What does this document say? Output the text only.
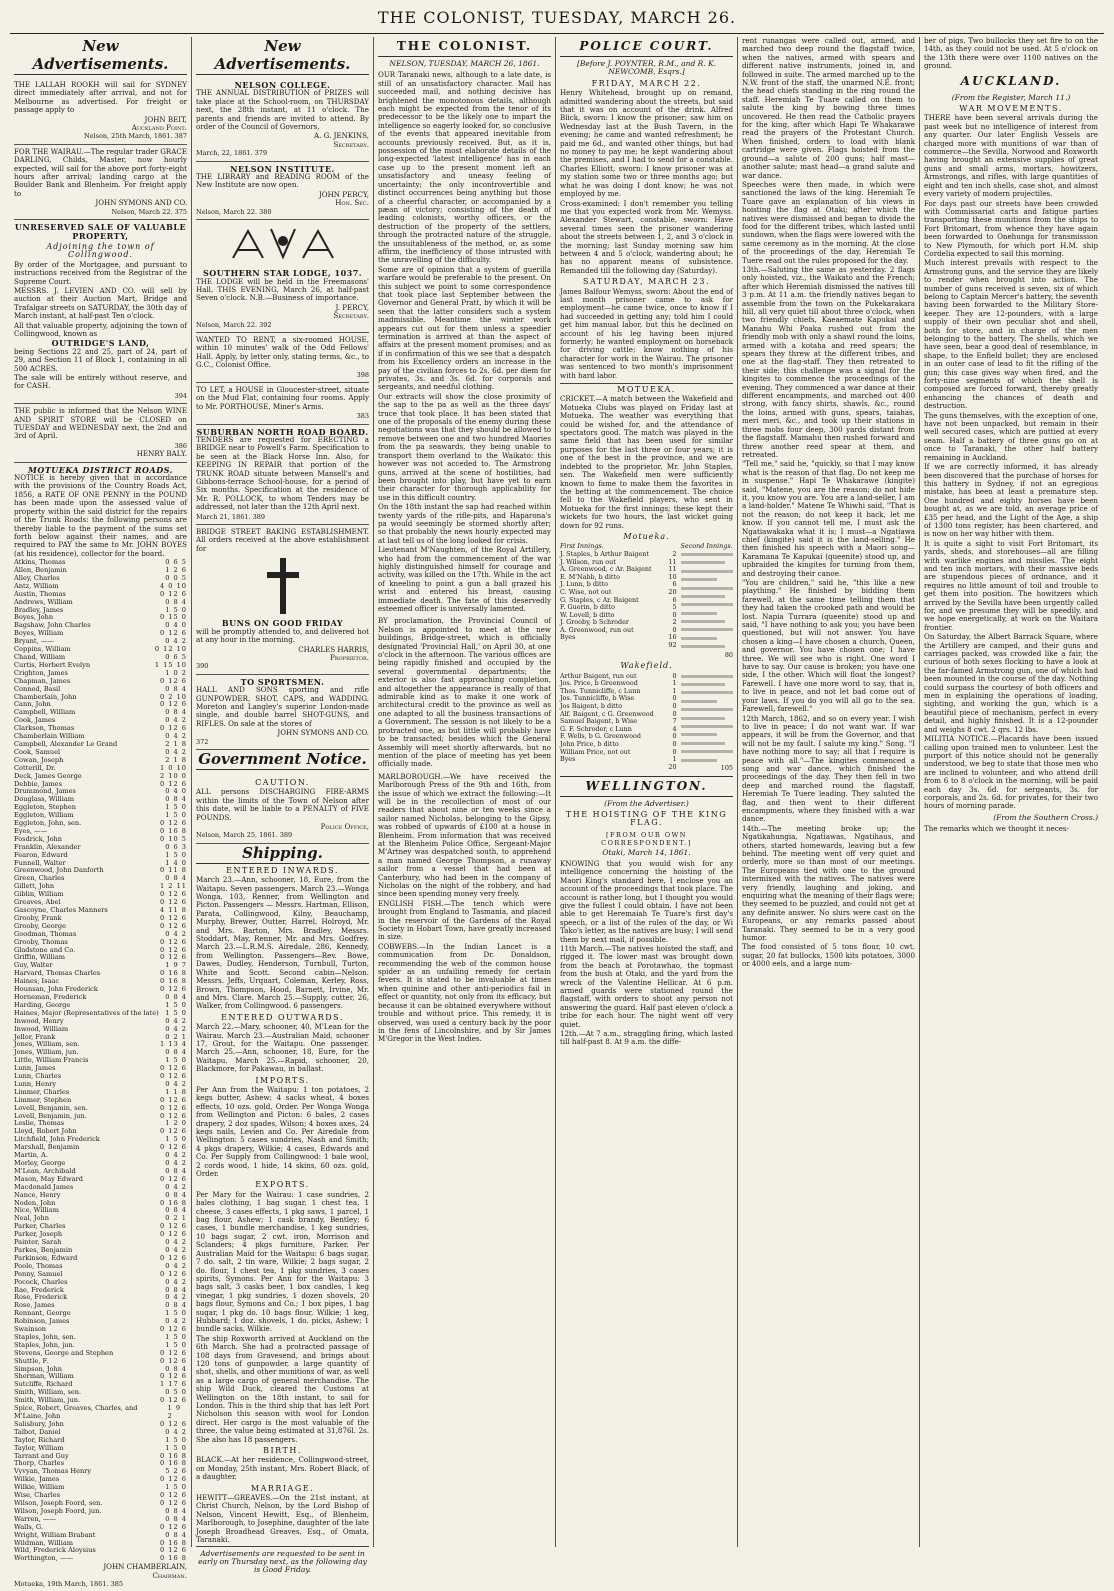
THE COLONIST, TUESDAY, MARCH 26.
New Advertisements.

THE LALLAH ROOKH will sail for SYDNEY direct immediately after arrival, and not for Melbourne as advertised. For freight or passage apply to

JOHN BEIT,
Auckland Point.
Nelson, 25th March, 1861. 387

FOR THE WAIRAU.—The regular trader GRACE DARLING, Childs, Master, now hourly expected, will sail for the above port forty-eight hours after arrival; landing cargo at the Boulder Bank and Blenheim. For freight apply to

JOHN SYMONS AND CO.
Nelson, March 22. 375
UNRESERVED SALE OF VALUABLE PROPERTY,
Adjoining the town of Collingwood.

By order of the Mortgagee, and pursuant to instructions received from the Registrar of the Supreme Court.

MESSRS. J. LEVIEN AND CO. will sell by auction at their Auction Mart, Bridge and Trafalgar streets on SATURDAY, the 30th day of March instant, at half-past Ten o'clock.

All that valuable property, adjoining the town of Collingwood, known as

OUTRIDGE'S LAND,

being Sections 22 and 25, part of 24, part of 29, and Section 11 of Block 1, containing in all 500 ACRES.

The sale will be entirely without reserve, and for CASH.

394

THE public is informed that the Nelson WINE AND SPIRIT STORE will be CLOSED on TUESDAY and WEDNESDAY next, the 2nd and 3rd of April.

386
HENRY BALY.
MOTUEKA DISTRICT ROADS.

NOTICE is hereby given that in accordance with the provisions of the Country Roads Act, 1856, a RATE OF ONE PENNY in the POUND has been made upon the assessed value of property within the said district for the repairs of the Trunk Roads: the following persons are thereby liable to the payment of the sums set forth below against their names, and are required to PAY the same to Mr. JOHN BOYES (at his residence), collector for the board.

Atkins, Thomas	0 6 5
Allen, Benjamin	1 2 6
Alley, Charles	0 0 5
Antz, William	4 0 10
Austin, Thomas	0 12 6
Andrews, William	0 8 4
Bradley, James	1 5 0
Boyes, John	0 15 0
Bagshaw, John Charles	0 4 0
Boyes, William	0 12 6
Bryant, ——	0 4 2
Coppins, William	0 12 10
Chand, William	0 6 5
Curtis, Herbert Evelyn	1 15 10
Crighton, James	1 0 2
Chapman, James	0 12 6
Conned, Basil	0 8 4
Chamberlain, John	0 2 10
Cann, John	0 12 6
Campbell, William	0 8 4
Cook, James	0 4 2
Clarkson, Thomas	0 12 6
Chamberlain William	0 4 2
Campbell, Alexander Le Grand	2 1 8
Cook, Samuel	0 4 2
Cowan, Joseph	2 1 8
Cotterill, Dr.	1 0 10
Deck, James George	2 10 0
Debbie, James	0 12 6
Drummond, James	0 4 0
Douglass, William	0 8 4
Eggleton, Stephen	1 5 0
Eggleton, William	1 5 0
Eggleton, John, sen.	0 12 6
Eyes, ——	0 16 8
Fosdrick, John	0 10 5
Franklin, Alexander	0 6 3
Fearon, Edward	1 5 0
Funnell, Walter	1 4 0
Greenwood, John Danforth	0 11 8
Green, Charles	0 8 4
Gillett, John	1 2 11
Giblin, William	0 12 6
Greaves, Abel	0 12 6
Gascoyne, Charles Manners	4 11 8
Grooby, Frank	0 12 6
Grooby, George	0 12 6
Goodman, Thomas	0 4 2
Grooby, Thomas	0 12 6
Gladstone and Co.	0 12 6
Griffin, William	0 12 6
Guy, Walter	1 9 7
Harvard, Thomas Charles	0 16 8
Haines, Isaac	0 16 8
Hounsan, John Frederick	0 12 6
Horneman, Frederick	0 8 4
Harding, George	1 5 0
Haines, Major (Representatives of the late) 1 5 0
Inwood, Henry	0 4 2
Inwood, William	0 4 2
Jellor, Frank	0 2 1
Jones, William, sen.	1 13 4
Jones, William, jun.	0 8 4
Little, William Francis	1 5 0
Lunn, James	0 12 6
Lunn, Charles	0 12 6
Lunn, Henry	0 4 2
Limmer, Charles	1 1 8
Limmer, Stephen	0 12 6
Lovell, Benjamin, sen.	0 12 6
Lovell, Benjamin, jun.	0 12 6
Leslie, Thomas	1 2 0
Lloyd, Robert John	0 12 6
Litchfield, John Frederick	1 5 0
Marshall, Benjamin	0 12 6
Martin, A.	0 4 2
Morley, George	0 4 2
M'Lean, Archibald	0 8 4
Mason, May Edward	0 12 6
Macdonald James	0 4 2
Nance, Henry	0 8 4
Noden, John	0 16 8
Nice, William	0 8 4
Neal, John	0 2 1
Parker, Charles	0 12 6
Parker, Joseph	0 12 6
Painter, Sarah	0 4 2
Parkes, Benjamin	0 4 2
Parkinson, Edward	0 12 6
Poole, Thomas	0 4 2
Penny, Samuel	0 12 6
Pocock, Charles	0 4 2
Rae, Frederick	0 8 4
Rose, Frederick	0 4 2
Rose, James	0 8 4
Rennant, George	1 5 0
Robinson, James	0 4 2
Swainson	0 12 6
Staples, John, sen.	1 5 0
Staples, John, jun.	1 5 0
Stevens, George and Stephen	0 12 6
Shuttle, F.	0 12 6
Simpson, John	0 8 4
Sherman, William	0 12 6
Sutcliffe, Richard	1 17 6
Smith, William, sen.	0 5 0
Smith, William, jun.	0 12 6
Spice, Robert, Greaves, Charles, and M'Laine, John
1 9 2
Salisbury, John	0 12 6
Talbot, Daniel	0 4 2
Taylor, Richard	1 5 0
Taylor, William	1 5 0
Tarrant and Guy	0 16 8
Thorp, Charles	0 16 8
Vyvyan, Thomas Henry	5 2 6
Wilkie, James	0 12 6
Wilkie, William	1 5 0
Wise, Charles	0 12 6
Wilson, Joseph Foord, sen.	0 12 6
Wilson, Joseph Foord, jun.	0 8 4
Warren, ——	0 8 4
Walls, G.	0 12 6
Wright, William Brabant	0 8 4
Wildman, William	0 16 8
Wild, Frederick Aloysius	0 12 6
Worthington, ——	0 16 8
JOHN CHAMBERLAIN,
Chairman.
Motueka, 19th March, 1861. 385
New Advertisements.
NELSON COLLEGE.

THE ANNUAL DISTRIBUTION of PRIZES will take place at the School-room, on THURSDAY next, the 28th instant, at 11 o'clock. The parents and friends are invited to attend. By order of the Council of Governors,

A. G. JENKINS,
Secretary.
March, 22, 1861. 379
NELSON INSTITUTE.

THE LIBRARY and READING ROOM of the New Institute are now open.

JOHN PERCY,
Hon. Sec.
Nelson, March 22. 380
SOUTHERN STAR LODGE, 1037.

THE LODGE will be held in the Freemasons' Hall, THIS EVENING, March 26, at half-past Seven o'clock. N.B.—Business of importance.

J. PERCY,
Secretary.
Nelson, March 22. 392

WANTED TO RENT, a six-roomed HOUSE, within 10 minutes' walk of the Odd Fellows' Hall. Apply, by letter only, stating terms, &c., to G.C., Colonist Office.

398

TO LET, a HOUSE in Gloucester-street, situate on the Mud Flat, containing four rooms. Apply to Mr. PORTHOUSE, Miner's Arms.

383
SUBURBAN NORTH ROAD BOARD.

TENDERS are requested for ERECTING a BRIDGE near to Powell's Farm. Specification to be seen at the Black Horse Inn. Also, for KEEPING IN REPAIR that portion of the TRUNK ROAD situate between Mansell's and Gibbons-terrace School-house, for a period of Six months. Specification at the residence of Mr. R. POLLOCK, to whom Tenders may be addressed, not later than the 12th April next.

March 21, 1861. 389

BRIDGE STREET BAKING ESTABLISHMENT. All orders received at the above establishment for

BUNS ON GOOD FRIDAY

will be promptly attended to, and delivered hot at any hour in the morning.

CHARLES HARRIS,
Proprietor.
390
TO SPORTSMEN.

HALL AND SONS sporting and rifle GUNPOWDER, SHOT, CAPS, and WADDING. Moreton and Langley's superior London-made single, and double barrel SHOT-GUNS, and RIFLES. On sale at the stores of

JOHN SYMONS AND CO.
372
Government Notice.
CAUTION.

ALL persons DISCHARGING FIRE-ARMS within the limits of the Town of Nelson after this date, will be liable to a PENALTY of FIVE POUNDS.

Police Office,
Nelson, March 25, 1861. 389
Shipping.
ENTERED INWARDS.

March 23.—Ann, schooner, 18, Eure, from the Waitapu. Seven passengers. March 23.—Wonga Wonga, 103, Renner, from Wellington and Picton. Passengers — Messrs. Hartman, Ellison, Parata, Collingwood, Kilny, Beauchamp, Murphy, Brewer, Outter, Harrel, Holroyd, Mr. and Mrs. Barton, Mrs. Bradley, Messrs. Stoddart, May, Renner, Mr. and Mrs. Godfrey. March 23.—L.R.M.S. Airedale, 286, Kennedy, from Wellington. Passengers—Rev. Bowe, Dawes, Dudley, Henderson, Turnbull, Turton, White and Scott. Second cabin—Nelson. Messrs. Jeffs, Urquart, Coleman, Kerley, Ross, Brown, Thompson, Hood, Barnett, Irvine, Mr. and Mrs. Clare. March 25.—Supply, cutter, 26, Walker, from Collingwood. 6 passengers.

ENTERED OUTWARDS.

March 22.—Mary, schooner, 40, M'Lean for the Wairau. March 23.—Australian Maid, schooner 17, Grout, for the Waitapu. One passenger. March 25.—Ann, schooner, 18, Eure, for the Waitapu. March 25.—Rapid, schooner, 20, Blackmore, for Pakawau, in ballast.

IMPORTS.

Per Ann from the Waitapu: 1 ton potatoes, 2 kegs butter, Ashew; 4 sacks wheat, 4 boxes effects, 10 ozs. gold, Order. Per Wonga Wonga from Wellington and Picton: 6 bales, 2 cases drapery, 2 doz spades, Wilson; 4 boxes axes, 24 kegs nails, Levien and Co. Per Airedale from Wellington: 5 cases sundries, Nash and Smith; 4 pkgs drapery, Wilkie; 4 cases, Edwards and Co. Per Supply from Collingwood: 1 bale wool, 2 cords wood, 1 hide, 14 skins, 60 ozs. gold, Order.

EXPORTS.

Per Mary for the Wairau: 1 case sundries, 2 bales clothing, 1 bag sugar, 1 chest tea, 1 cheese, 3 cases effects, 1 pkg saws, 1 parcel, 1 bag flour, Ashew; 1 cask brandy, Bentley; 6 cases, 1 bundle merchandise, 1 keg sundries, 10 bags sugar, 2 cwt. iron, Morrison and Sclanders; 4 pkgs furniture, Parker. Per Australian Maid for the Waitapu: 6 bags sugar, 7 do. salt, 2 tin ware, Wilkie; 2 bags sugar, 2 do. flour, 1 chest tea, 1 pkg sundries, 3 cases spirits, Symons. Per Ann for the Waitapu: 3 bags salt, 3 casks beer, 1 box candles, 1 keg vinegar, 1 pkg sundries, 1 dozen shovels, 20 bags flour, Symons and Co.; 1 box pipes, 1 bag sugar, 1 pkg do. 10 bags flour, Wilkie; 1 keg, Hubbard; 1 doz. shovels, 1 do. picks, Ashew; 1 bundle sacks, Wilkie.

The ship Roxworth arrived at Auckland on the 6th March. She had a protracted passage of 108 days from Gravesend, and brings about 120 tons of gunpowder, a large quantity of shot, shells, and other munitions of war, as well as a large cargo of general merchandise. The ship Wild Duck, cleared the Customs at Wellington on the 18th instant, to sail for London. This is the third ship that has left Port Nicholson this season with wool for London direct. Her cargo is the most valuable of the three, the value being estimated at 31,876l. 2s. She also has 18 passengers.

BIRTH.

BLACK.—At her residence, Collingwood-street, on Monday, 25th instant, Mrs. Robert Black, of a daughter.

MARRIAGE.

HEWITT—GREAVES.—On the 21st instant, at Christ Church, Nelson, by the Lord Bishop of Nelson, Vincent Hewitt, Esq., of Blenheim, Marlborough, to Josephine, daughter of the late Joseph Broadhead Greaves, Esq., of Omata, Taranaki.

Advertisements are requested to be sent in early on Thursday next, as the following day is Good Friday.
THE COLONIST.
NELSON, TUESDAY, MARCH 26, 1861.

OUR Taranaki news, although to a late date, is still of an unsatisfactory character. Mail has succeeded mail, and nothing decisive has brightened the monotonous details, although each might be expected from the tenor of its predecessor to be the likely one to impart the intelligence so eagerly looked for, so conclusive of the events that appeared inevitable from accounts previously received. But, as it is, possession of the most elaborate details of the long-expected 'latest intelligence' has in each case up to the present moment left an unsatisfactory and uneasy feeling of uncertainty; the only incontrovertible and distinct occurrences being anything but those of a cheerful character, or accompanied by a pæan of victory; consisting of the death of leading colonists, worthy officers, or the destruction of the property of the settlers, through the protracted nature of the struggle, the unsuitableness of the method, or, as some affirm, the inefficiency of those intrusted with the unravelling of the difficulty.

Some are of opinion that a system of guerilla warfare would be preferable to the present. On this subject we point to some correspondence that took place last September between the Governor and General Pratt, by which it will be seen that the latter considers such a system inadmissible. Meantime the winter work appears cut out for them unless a speedier termination is arrived at than the aspect of affairs at the present moment promises; and as if in confirmation of this we see that a despatch from his Excellency orders an increase in the pay of the civilian forces to 2s. 6d. per diem for privates, 3s. and 3s. 6d. for corporals and sergeants, and needful clothing.

Our extracts will show the close proximity of the sap to the pa as well as the three days' truce that took place. It has been stated that one of the proposals of the enemy during these negotiations was that they should be allowed to remove between one and two hundred Maories from the pa seawards, they being unable to transport them overland to the Waikato: this however was not acceded to. The Armstrong guns, arrived at the scene of hostilities, had been brought into play, but have yet to earn their character for thorough applicability for use in this difficult country.

On the 18th instant the sap had reached within twenty yards of the rifle-pits, and Haparona's pa would seemingly be stormed shortly after; so that probably the news hourly expected may at last tell us of the long looked for crisis.

Lieutenant M'Naughten, of the Royal Artillery, who had from the commencement of the war highly distinguished himself for courage and activity, was killed on the 17th. While in the act of kneeling to point a gun a ball grazed his wrist and entered his breast, causing immediate death. The fate of this deservedly esteemed officer is universally lamented.

BY proclamation, the Provincial Council of Nelson is appointed to meet at the new buildings, Bridge-street, which is officially designated 'Provincial Hall,' on April 30, at one o'clock in the afternoon. The various offices are being rapidly finished and occupied by the several governmental departments; the exterior is also fast approaching completion, and altogether the appearance is really of that admirable kind as to make it one work of architectural credit to the province as well as one adapted to all the business transactions of a Government. The session is not likely to be a protracted one, as but little will probably have to be transacted; besides which the General Assembly will meet shortly afterwards, but no mention of the place of meeting has yet been officially made.

MARLBOROUGH.—We have received the Marlborough Press of the 9th and 16th, from the issue of which we extract the following:—It will be in the recollection of most of our readers that about nine or ten weeks since a sailor named Nicholas, belonging to the Gipsy, was robbed of upwards of £100 at a house in Blenheim. From information that was received at the Blenheim Police Office, Sergeant-Major M'Artney was despatched south, to apprehend a man named George Thompson, a runaway sailor from a vessel that had been at Canterbury, who had been in the company of Nicholas on the night of the robbery, and had since been spending money very freely.

ENGLISH FISH.—The tench which were brought from England to Tasmania, and placed in the reservoir of the Gardens of the Royal Society in Hobart Town, have greatly increased in size.

COBWEBS.—In the Indian Lancet is a communication from Dr. Donaldson, recommending the web of the common house spider as an unfailing remedy for certain fevers. It is stated to be invaluable at times when quinine and other anti-periodics fail in effect or quantity, not only from its efficacy, but because it can be obtained everywhere without trouble and without price. This remedy, it is observed, was used a century back by the poor in the fens of Lincolnshire, and by Sir James M'Gregor in the West Indies.

POLICE COURT.
[Before J. POYNTER, R.M., and R. K. NEWCOMB, Esqrs.]
FRIDAY, MARCH 22.

Henry Whitehead, brought up on remand, admitted wandering about the streets, but said that it was on account of the drink. Alfred Blick, sworn: I know the prisoner; saw him on Wednesday last at the Bush Tavern, in the evening; he came and wanted refreshment; he paid me 6d., and wanted other things, but had no money to pay me; he kept wandering about the premises, and I had to send for a constable. Charles Elliott, sworn: I know prisoner was at my station some two or three months ago; but what he was doing I dont know; he was not employed by me.

Cross-examined: I don't remember you telling me that you expected work from Mr. Wemyss. Alexander Stewart, constable, sworn: Have several times seen the prisoner wandering about the streets between 1, 2, and 3 o'clock in the morning; last Sunday morning saw him between 4 and 5 o'clock, wandering about; he has no apparent means of subsistence. Remanded till the following day (Saturday).

SATURDAY, MARCH 23.

James Balfour Wemyss, sworn: About the end of last month prisoner came to ask for employment—he came twice, once to know if I had succeeded in getting any; told him I could get him manual labor, but this he declined on account of his leg having been injured formerly; he wanted employment on horseback for driving cattle; know nothing of his character for work in the Wairau. The prisoner was sentenced to two month's imprisonment with hard labor.

MOTUEKA.

CRICKET.—A match between the Wakefield and Motueka Clubs was played on Friday last at Motueka. The weather was everything that could be wished for, and the attendance of spectators good. The match was played in the same field that has been used for similar purposes for the last three or four years; it is one of the best in the province, and we are indebted to the proprietor, Mr. John Staples, sen. The Wakefield men were sufficiently known to fame to make them the favorites in the betting at the commencement. The choice fell to the Wakefield players, who sent in Motueka for the first innings; these kept their wickets for two hours, the last wicket going down for 92 runs.

Motueka.
First Innings.
J. Staples, b Arthur Baigent	2
J. Wilson, run out	11
A. Greenwood, c Ar. Baigent	11
E. M'Nabb, b ditto	10
J. Lunn, b ditto	6
C. Wise, not out	20
G. Staples, c Ar. Baigent	6
F. Guerin, b ditto	5
W. Lovell, b ditto	0
J. Grooby, b Schroder	2
A. Greenwood, run out	0
Byes	16
92
Second Innings.
80
Wakefield.
Arthur Baigent, run out	0
Jos. Price, b Greenwood	1
Thos. Tunnicliffe, c Lunn	1
Jos. Tunnicliffe, b Wise	0
Jos Baigent, b ditto	0
Alf. Baigent, c G. Greenwood	0
Samuel Baigent, b Wise	7
G. F. Schroder, c Lunn	4
F. Wells, b G. Greenwood	0
John Price, b ditto	0
William Price, not out	0
Byes	1
20	105
WELLINGTON.
(From the Advertiser.)
THE HOISTING OF THE KING FLAG.
[FROM OUR OWN CORRESPONDENT.]
Otaki, March 14, 1861.

KNOWING that you would wish for any intelligence concerning the hoisting of the Maori King's standard here, I enclose you an account of the proceedings that took place. The account is rather long, but I thought you would give the fullest I could obtain. I have not been able to get Heremaiah Te Tuare's first day's speech, or a list of the rules of the day, or Wi Tako's letter, as the natives are busy; I will send them by next mail, if possible.

11th March.—The natives hoisted the staff, and rigged it. The lower mast was brought down from the beach at Porotawhao, the topmast from the bush at Otaki, and the yard from the wreck of the Valentine Hellicar. At 6 p.m. armed guards were stationed round the flagstaff, with orders to shoot any person not answering the guard. Half past eleven o'clock a tribe for each hour. The night went off very quiet.

12th.—At 7 a.m., straggling firing, which lasted till half-past 8. At 9 a.m. the diffe-

rent runangas were called out, armed, and marched two deep round the flagstaff twice, when the natives, armed with spears and different native instruments, joined in, and followed in suite. The armed marched up to the N.W. front of the staff, the unarmed N.E. front; the head chiefs standing in the ring round the staff. Heremiah Te Tuare called on them to salute the king by bowing three times uncovered. He then read the Catholic prayers for the king, after which Hapi Te Whakarawe read the prayers of the Protestant Church. When finished, orders to load with blank cartridge were given. Flags hoisted from the ground—a salute of 200 guns; half mast—another salute; mast head—a grand salute and war dance.

Speeches were then made, in which were sanctioned the laws of the king. Heremiah Te Tuare gave an explanation of his views in hoisting the flag at Otaki; after which the natives were dismissed and began to divide the food for the different tribes, which lasted until sundown, when the flags were lowered with the same ceremony as in the morning. At the close of the proceedings of the day, Heremiah Te Tuere read out the rules proposed for the day.

13th.—Saluting the same as yesterday. 2 flags only hoisted, viz., the Waikato and the French; after which Heremiah dismissed the natives till 3 p.m. At 11 a.m. the friendly natives began to assemble from the town on the Pukekarakara hill, all very quiet till about three o'clock, when two friendly chiefs, Kaeaemate Kapukai and Manahu Whi Poaka rushed out from the friendly mob with only a shawl round the loins, armed with a kotaha and reed spears; the spears they threw at the different tribes, and one at the flag-staff. They then retreated to their side; this challenge was a signal for the kingites to commence the proceedings of the evening. They commenced a war dance at their different encampments, and marched out 400 strong, with fancy shirts, shawls, &c., round the loins, armed with guns, spears, taiahas, meri meri, &c., and took up their stations in three mobs four deep, 300 yards distant from the flagstaff. Mamahu then rushed forward and threw another reed spear at them, and retreated.

"Tell me," said he, "quickly, so that I may know what is the reason of that flag. Do not keep me in suspense." Hapi Te Whakarawe (kingite) said, "Matene, you are the reason; do not hide it, you know you are. You are a land-seller, I am a land-holder." Matene Te Whiwhi said, "That is not the reason; do not keep it back, let me know. If you cannot tell me, I must ask the Ngatiawakaka what it is; I must—a Ngatiawa chief (kingite) said it is the land-selling." He then finished his speech with a Maori song—Karamana Te Kapukai (queenite) stood up, and upbraided the kingites for turning from them, and destroying their canoe.

"You are children," said he, "this like a new plaything." He finished by bidding them farewell, at the same time telling them that they had taken the crooked path and would be lost. Napia Turrara (queenite) stood up and said, "I have nothing to ask you; you have been questioned, but will not answer. You have chosen a king—I have chosen a church, Queen, and governor. You have chosen one; I have three. We will see who is right. One word I have to say. Our cause is broken; you have one side, I the other. Which will float the longest? Farewell. I have one more word to say, that is, to live in peace, and not let bad come out of your laws. If you do you will all go to the sea. Farewell, farewell."

12th March, 1862, and so on every year. I wish to live in peace; I do not want war. If war appears, it will be from the Governor, and that will not be my fault. I salute my king." Song. "I have nothing more to say; all that I require is peace with all."—The kingites commenced a song and war dance, which finished the proceedings of the day. They then fell in two deep and marched round the flagstaff, Heremiah Te Tuere leading. They saluted the flag, and then went to their different encampments, where they finished with a war dance.

14th.—The meeting broke up; the Ngatikahungia, Ngatiawas, Ngatihaus, and others, started homewards, leaving but a few behind. The meeting went off very quiet and orderly, more so than most of our meetings. The Europeans tied with one to the ground intermixed with the natives. The natives were very friendly, laughing and joking, and enquiring what the meaning of their flags were; they seemed to be puzzled, and could not get at any definite answer. No slurs were cast on the Europeans, or any remarks passed about Taranaki. They seemed to be in a very good humor.

The food consisted of 5 tons flour, 10 cwt. sugar, 20 fat bullocks, 1500 kits potatoes, 3000 or 4000 eels, and a large num-

ber of pigs. Two bullocks they set fire to on the 14th, as they could not be used. At 5 o'clock on the 13th there were over 1100 natives on the ground.

AUCKLAND.
(From the Register, March 11.)
WAR MOVEMENTS.

THERE have been several arrivals during the past week but no intelligence of interest from any quarter. Our later English Vessels are charged more with munitions of war than of commerce—the Sevilla, Norwood and Roxworth having brought an extensive supplies of great guns and small arms, mortars, howitzers, Armstrongs, and rifles, with large quantities of eight and ten inch shells, case shot, and almost every variety of modern projectiles.

For days past our streets have been crowded with Commissariat carts and fatigue parties transporting these munitions from the ships to Fort Britomart, from whence they have again been forwarded to Onehunga for transmission to New Plymouth, for which port H.M. ship Cordelia expected to sail this morning.

Much interest prevails with respect to the Armstrong guns, and the service they are likely to render when brought into action. The number of guns received is seven, six of which belong to Captain Mercer's battery, the seventh having been forwarded to the Military Store-keeper. They are 12-pounders, with a large supply of their own peculiar shot and shell, both for store, and in charge of the men belonging to the battery. The shells, which we have seen, bear a good deal of resemblance, in shape, to the Enfield bullet; they are enclosed in an outer case of lead to fit the rifling of the gun; this case gives way when fired, and the forty-nine segments of which the shell is composed are forced forward, thereby greatly enhancing the chances of death and destruction.

The guns themselves, with the exception of one, have not been unpacked, but remain in their well secured cases, which are puttied at every seam. Half a battery of three guns go on at once to Taranaki, the other half battery remaining in Auckland.

If we are correctly informed, it has already been discovered that the purchase of horses for this battery in Sydney, if not an egregious mistake, has been at least a premature step. One hundred and eighty horses have been bought at, as we are told, an average price of £35 per head, and the Light of the Age, a ship of 1300 tons register, has been chartered, and is now on her way hither with them.

It is quite a sight to visit Fort Britomart, its yards, sheds, and storehouses—all are filling with warlike engines and missiles. The eight and ten inch mortars, with their massive beds are stupendous pieces of ordnance, and it requires no little amount of toil and trouble to get them into position. The howitzers which arrived by the Sevilla have been urgently called for, and we presume they will be speedily, and we hope energetically, at work on the Waitara frontier.

On Saturday, the Albert Barrack Square, where the Artillery are camped, and their guns and carriages packed, was crowded like a fair, the curious of both sexes flocking to have a look at the far-famed Armstrong gun, one of which had been mounted in the course of the day. Nothing could surpass the courtesy of both officers and men in explaining the operations of loading, sighting, and working the gun, which is a beautiful piece of mechanism, perfect in every detail, and highly finished. It is a 12-pounder and weighs 8 cwt. 2 qrs. 12 lbs.

MILITIA NOTICE.—Placards have been issued calling upon trained men to volunteer. Lest the purport of this notice should not be generally understood, we beg to state that those men who are inclined to volunteer, and who attend drill from 6 to 8 o'clock in the morning, will be paid each day 3s. 6d. for sergeants, 3s. for corporals, and 2s. 6d. for privates, for their two hours of morning parade.

(From the Southern Cross.)

The remarks which we thought it neces-
